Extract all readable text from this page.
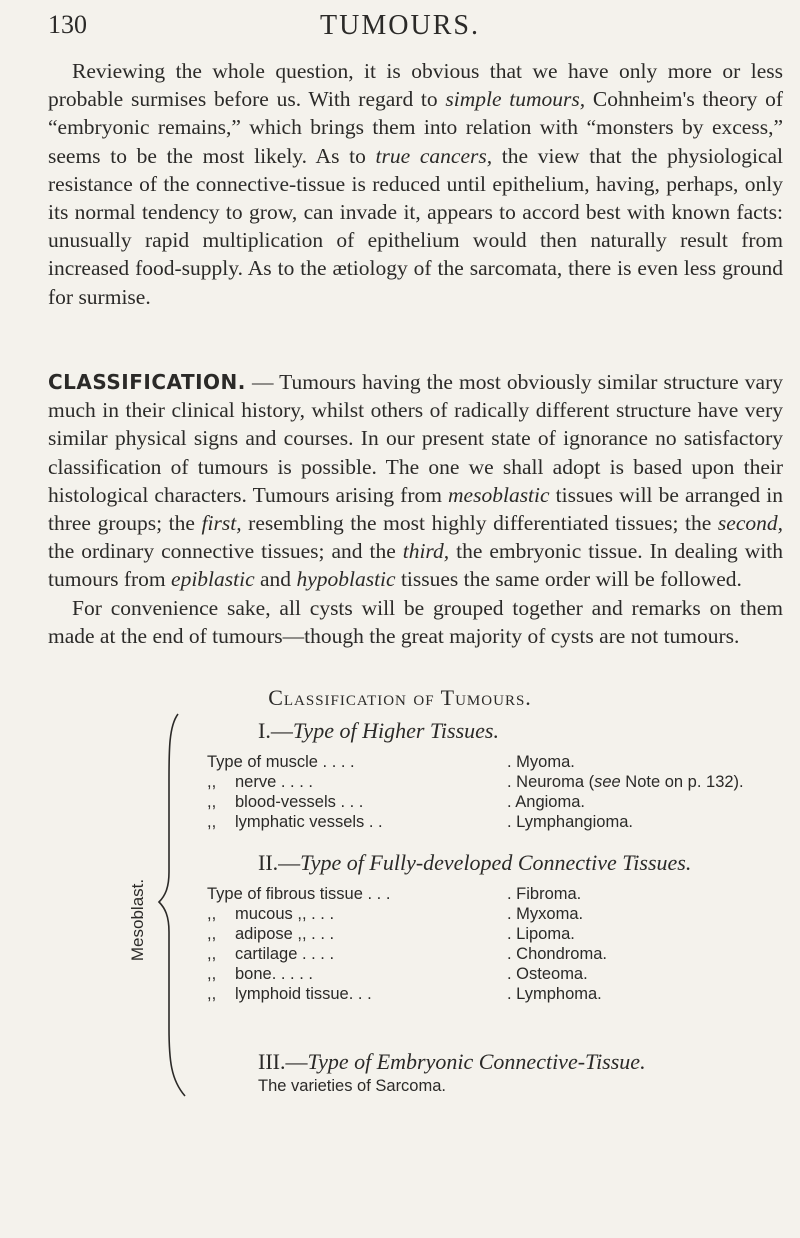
130	TUMOURS.

Reviewing the whole question, it is obvious that we have only more or less probable surmises before us. With regard to simple tumours, Cohnheim's theory of “embryonic remains,” which brings them into relation with “monsters by excess,” seems to be the most likely. As to true cancers, the view that the physiological resistance of the connective-tissue is reduced until epithelium, having, perhaps, only its normal tendency to grow, can invade it, appears to accord best with known facts: unusually rapid multiplication of epithelium would then naturally result from increased food-supply. As to the ætiology of the sarcomata, there is even less ground for surmise.

CLASSIFICATION. — Tumours having the most obviously similar structure vary much in their clinical history, whilst others of radically different structure have very similar physical signs and courses. In our present state of ignorance no satisfactory classification of tumours is possible. The one we shall adopt is based upon their histological characters. Tumours arising from mesoblastic tissues will be arranged in three groups; the first, resembling the most highly differentiated tissues; the second, the ordinary connective tissues; and the third, the embryonic tissue. In dealing with tumours from epiblastic and hypoblastic tissues the same order will be followed.

For convenience sake, all cysts will be grouped together and remarks on them made at the end of tumours—though the great majority of cysts are not tumours.

Classification of Tumours.
Mesoblast.
I.—Type of Higher Tissues.
Type of muscle . . . .	. Myoma.
,, nerve . . . .	. Neuroma (see Note on p. 132).
,, blood-vessels . . .	. Angioma.
,, lymphatic vessels . .	. Lymphangioma.
II.—Type of Fully-developed Connective Tissues.
Type of fibrous tissue . . .	. Fibroma.
,, mucous ,, . . .	. Myxoma.
,, adipose ,, . . .	. Lipoma.
,, cartilage . . . .	. Chondroma.
,, bone. . . . .	. Osteoma.
,, lymphoid tissue. . .	. Lymphoma.
III.—Type of Embryonic Connective-Tissue.
The varieties of Sarcoma.
